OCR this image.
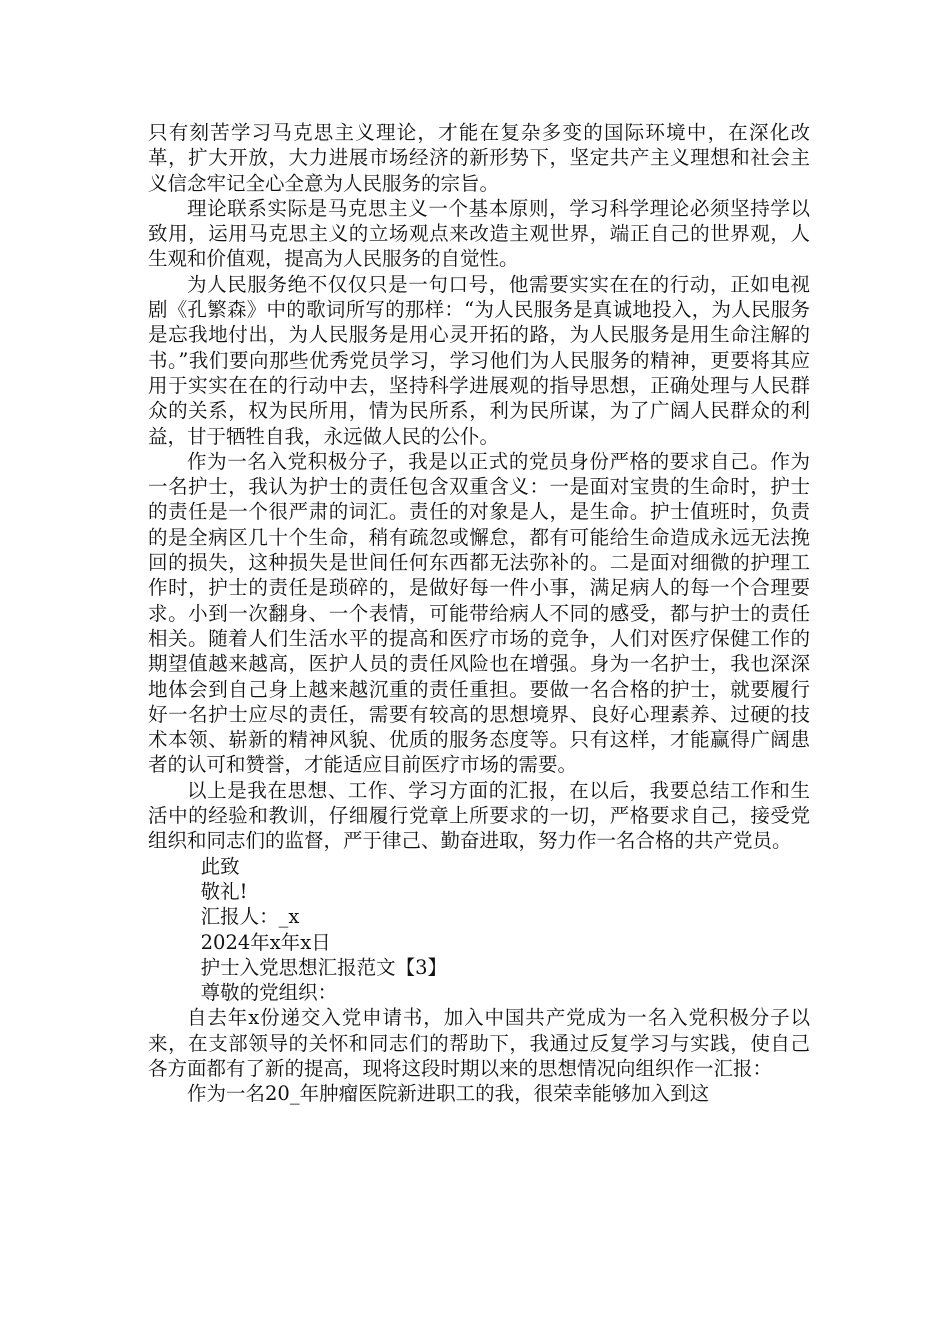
只有刻苦学习马克思主义理论，才能在复杂多变的国际环境中，在深化改革，扩大开放，大力进展市场经济的新形势下，坚定共产主义理想和社会主义信念牢记全心全意为人民服务的宗旨。

理论联系实际是马克思主义一个基本原则，学习科学理论必须坚持学以致用，运用马克思主义的立场观点来改造主观世界，端正自己的世界观，人生观和价值观，提高为人民服务的自觉性。

为人民服务绝不仅仅只是一句口号，他需要实实在在的行动，正如电视剧《孔繁森》中的歌词所写的那样：“为人民服务是真诚地投入，为人民服务是忘我地付出，为人民服务是用心灵开拓的路，为人民服务是用生命注解的书。”我们要向那些优秀党员学习，学习他们为人民服务的精神，更要将其应用于实实在在的行动中去，坚持科学进展观的指导思想，正确处理与人民群众的关系，权为民所用，情为民所系，利为民所谋，为了广阔人民群众的利益，甘于牺牲自我，永远做人民的公仆。

作为一名入党积极分子，我是以正式的党员身份严格的要求自己。作为一名护士，我认为护士的责任包含双重含义：一是面对宝贵的生命时，护士的责任是一个很严肃的词汇。责任的对象是人，是生命。护士值班时，负责的是全病区几十个生命，稍有疏忽或懈怠，都有可能给生命造成永远无法挽回的损失，这种损失是世间任何东西都无法弥补的。二是面对细微的护理工作时，护士的责任是琐碎的，是做好每一件小事，满足病人的每一个合理要求。小到一次翻身、一个表情，可能带给病人不同的感受，都与护士的责任相关。随着人们生活水平的提高和医疗市场的竞争，人们对医疗保健工作的期望值越来越高，医护人员的责任风险也在增强。身为一名护士，我也深深地体会到自己身上越来越沉重的责任重担。要做一名合格的护士，就要履行好一名护士应尽的责任，需要有较高的思想境界、良好心理素养、过硬的技术本领、崭新的精神风貌、优质的服务态度等。只有这样，才能赢得广阔患者的认可和赞誉，才能适应目前医疗市场的需要。

以上是我在思想、工作、学习方面的汇报，在以后，我要总结工作和生活中的经验和教训，仔细履行党章上所要求的一切，严格要求自己，接受党组织和同志们的监督，严于律己、勤奋进取，努力作一名合格的共产党员。

此致

敬礼!

汇报人：_x

2024年x年x日

护士入党思想汇报范文【3】

尊敬的党组织：

自去年x份递交入党申请书，加入中国共产党成为一名入党积极分子以来，在支部领导的关怀和同志们的帮助下，我通过反复学习与实践，使自己各方面都有了新的提高，现将这段时期以来的思想情况向组织作一汇报：

作为一名20_年肿瘤医院新进职工的我，很荣幸能够加入到这
